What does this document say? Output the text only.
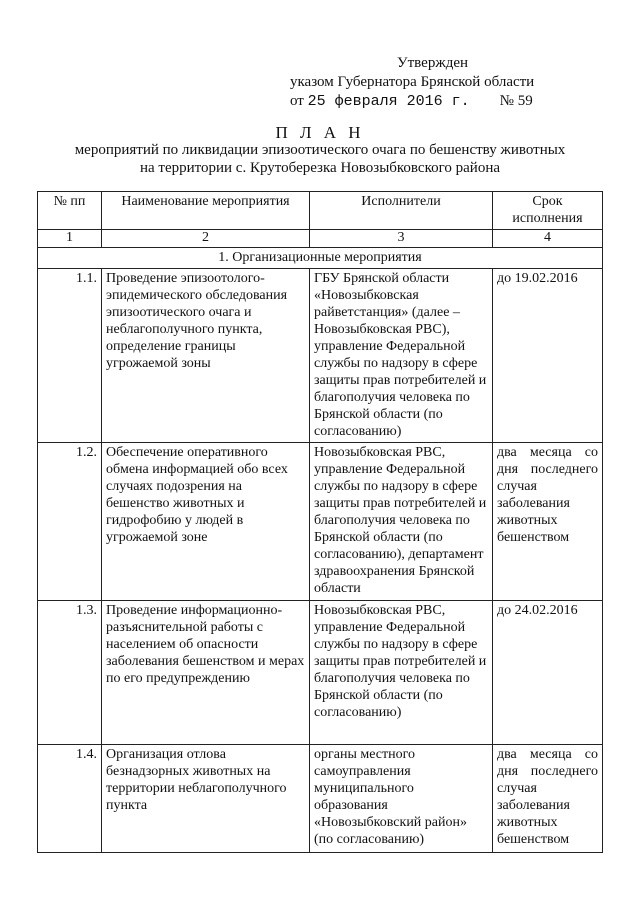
Утвержден
указом Губернатора Брянской области
от 25 февраля 2016 г. № 59
П Л А Н
мероприятий по ликвидации эпизоотического очага по бешенству животных
на территории с. Крутоберезка Новозыбковского района
№ пп	Наименование мероприятия	Исполнители	Срок исполнения
1	2	3	4
1. Организационные мероприятия			
1.1.	Проведение эпизоотолого-эпидемического обследования эпизоотического очага и неблагополучного пункта, определение границы угрожаемой зоны	ГБУ Брянской области «Новозыбковская райветстанция» (далее – Новозыбковская РВС), управление Федеральной службы по надзору в сфере защиты прав потребителей и благополучия человека по Брянской области (по согласованию)	до 19.02.2016
1.2.	Обеспечение оперативного обмена информацией обо всех случаях подозрения на бешенство животных и гидрофобию у людей в угрожаемой зоне	Новозыбковская РВС, управление Федеральной службы по надзору в сфере защиты прав потребителей и благополучия человека по Брянской области (по согласованию), департамент здравоохранения Брянской области	два месяца со дня последнего случая заболевания животных бешенством
1.3.	Проведение информационно-разъяснительной работы с населением об опасности заболевания бешенством и мерах по его предупреждению	Новозыбковская РВС, управление Федеральной службы по надзору в сфере защиты прав потребителей и благополучия человека по Брянской области (по согласованию)	до 24.02.2016
1.4.	Организация отлова безнадзорных животных на территории неблагополучного пункта	органы местного самоуправления муниципального образования «Новозыбковский район» (по согласованию)	два месяца со дня последнего случая заболевания животных бешенством
